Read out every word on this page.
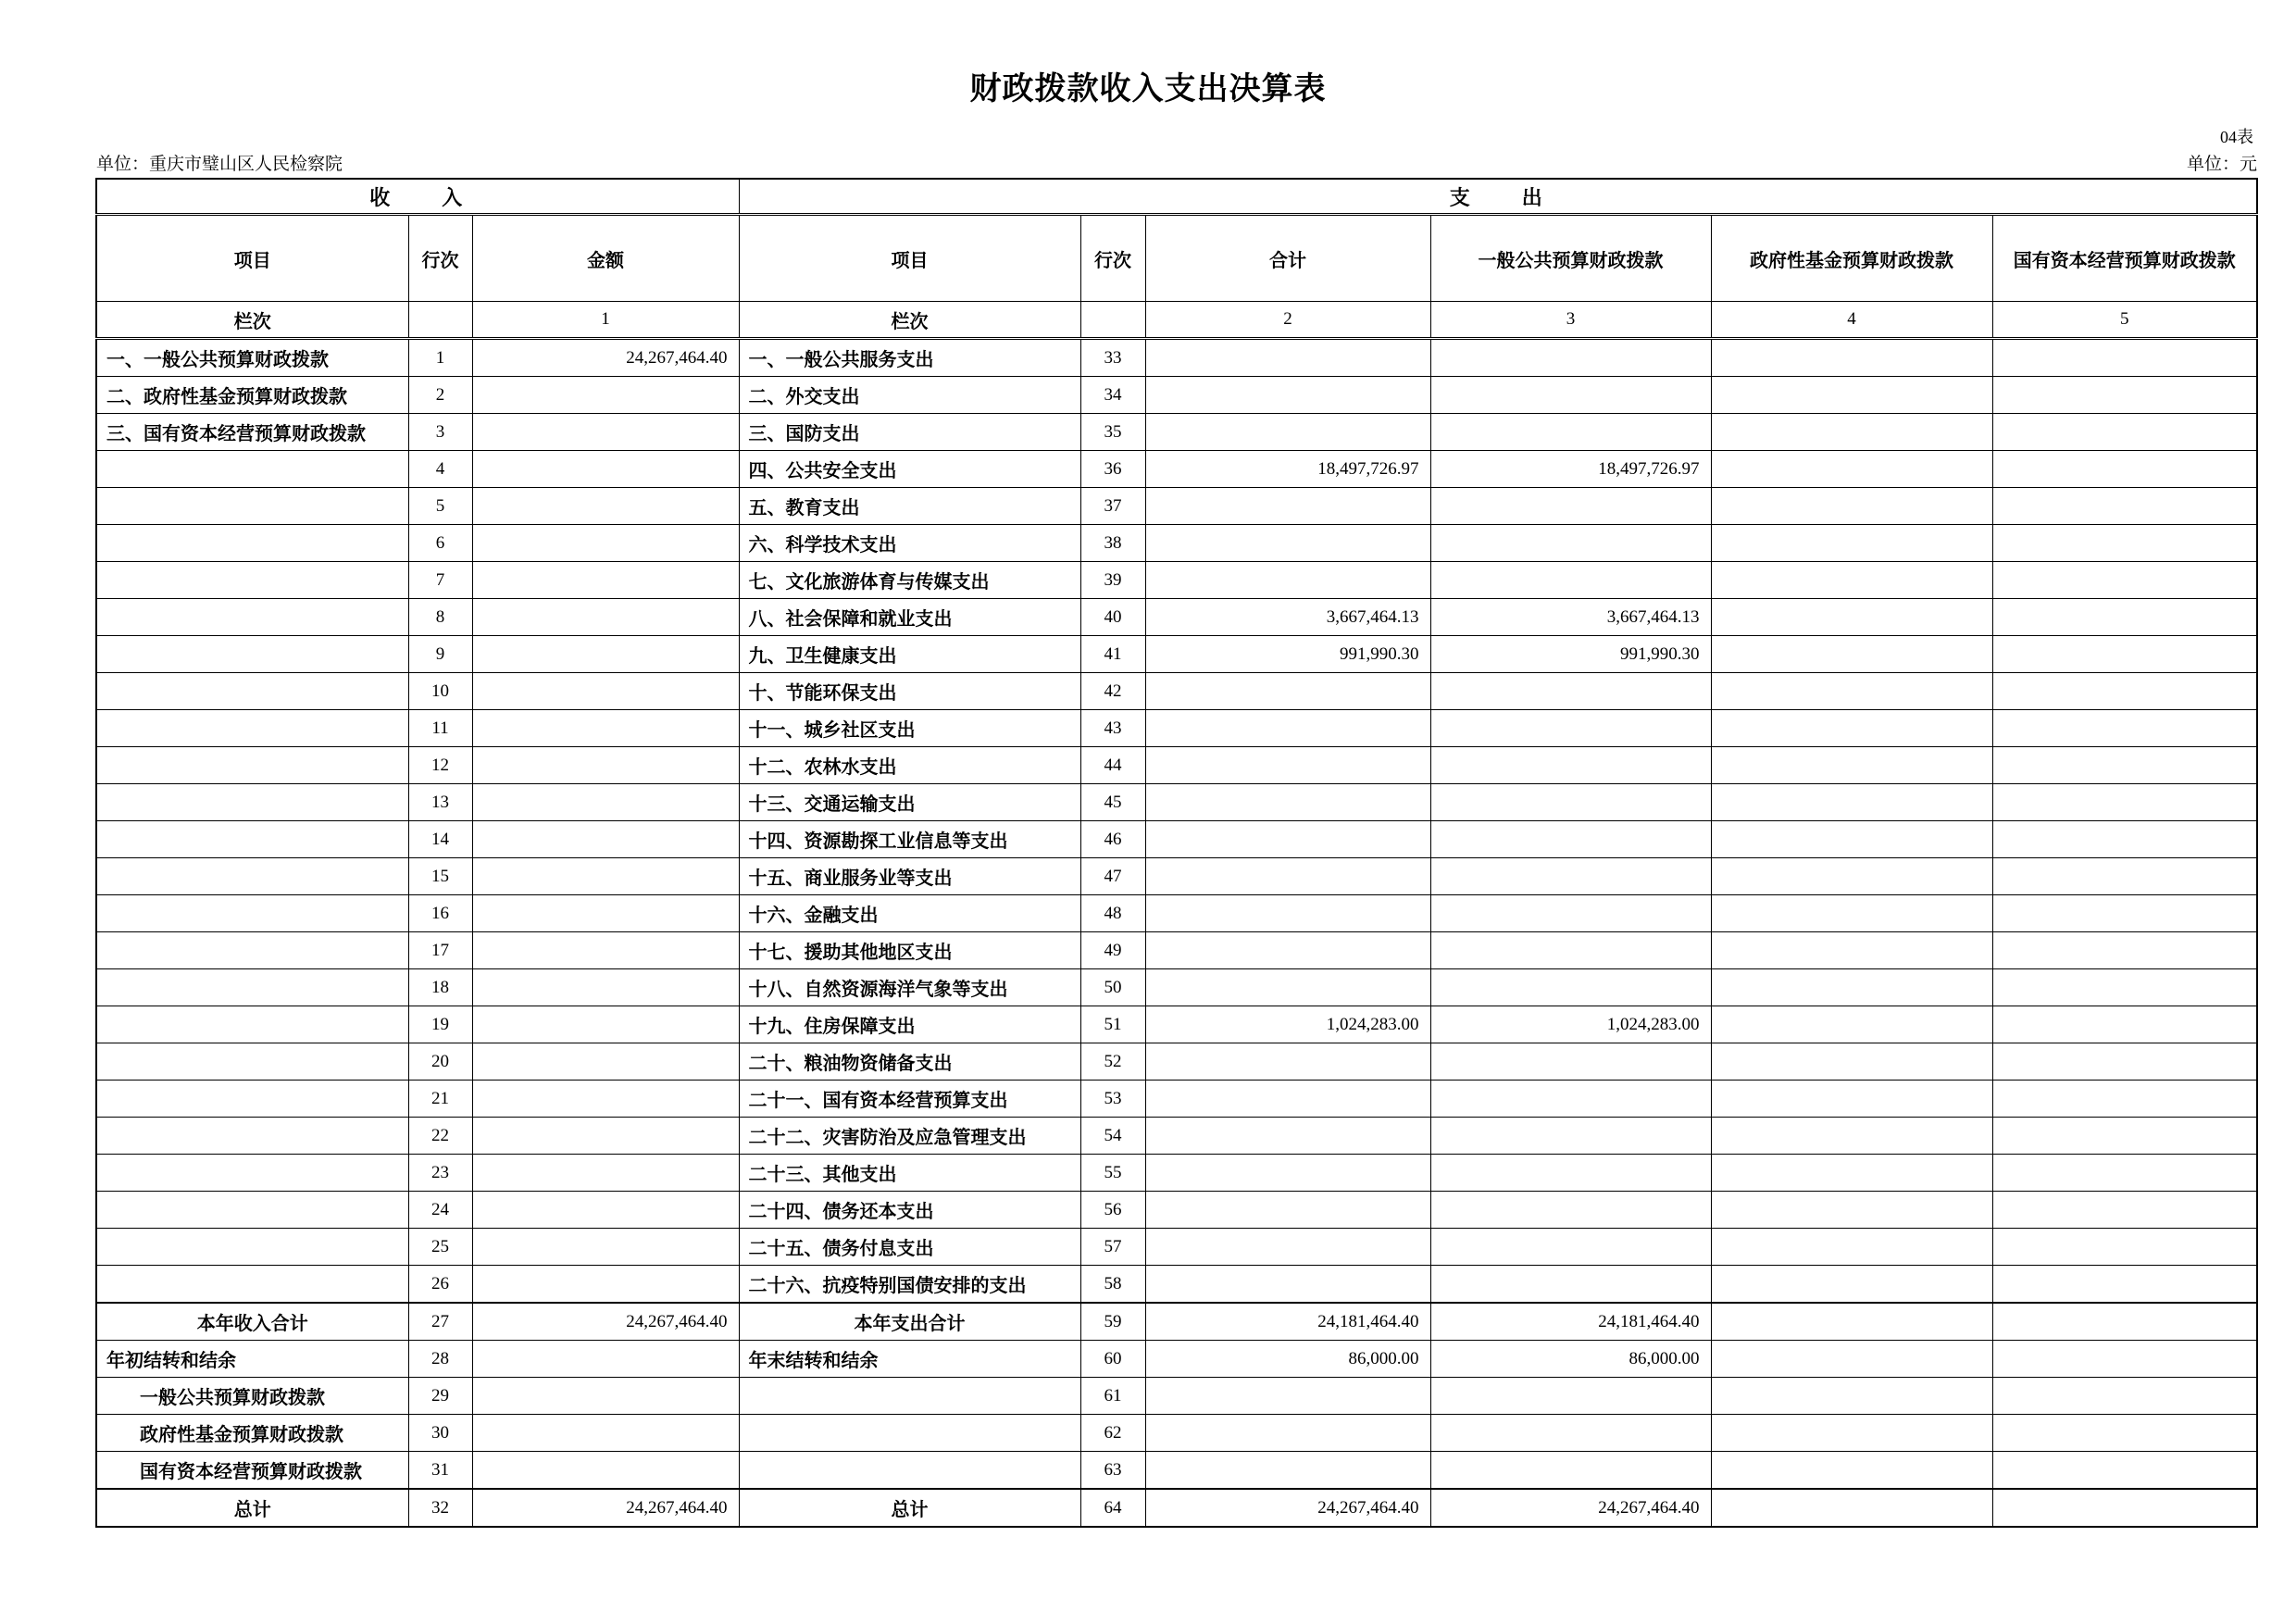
财政拨款收入支出决算表
04表
单位：重庆市璧山区人民检察院	单位：元
收　　入			支　　出					
项目	行次	金额	项目	行次	合计	一般公共预算财政拨款	政府性基金预算财政拨款	国有资本经营预算财政拨款
栏次		1	栏次		2	3	4	5
一、一般公共预算财政拨款	1	24,267,464.40	一、一般公共服务支出	33				
二、政府性基金预算财政拨款	2		二、外交支出	34				
三、国有资本经营预算财政拨款	3		三、国防支出	35				
	4		四、公共安全支出	36	18,497,726.97	18,497,726.97		
	5		五、教育支出	37				
	6		六、科学技术支出	38				
	7		七、文化旅游体育与传媒支出	39				
	8		八、社会保障和就业支出	40	3,667,464.13	3,667,464.13		
	9		九、卫生健康支出	41	991,990.30	991,990.30		
	10		十、节能环保支出	42				
	11		十一、城乡社区支出	43				
	12		十二、农林水支出	44				
	13		十三、交通运输支出	45				
	14		十四、资源勘探工业信息等支出	46				
	15		十五、商业服务业等支出	47				
	16		十六、金融支出	48				
	17		十七、援助其他地区支出	49				
	18		十八、自然资源海洋气象等支出	50				
	19		十九、住房保障支出	51	1,024,283.00	1,024,283.00		
	20		二十、粮油物资储备支出	52				
	21		二十一、国有资本经营预算支出	53				
	22		二十二、灾害防治及应急管理支出	54				
	23		二十三、其他支出	55				
	24		二十四、债务还本支出	56				
	25		二十五、债务付息支出	57				
	26		二十六、抗疫特别国债安排的支出	58				
本年收入合计	27	24,267,464.40	本年支出合计	59	24,181,464.40	24,181,464.40		
年初结转和结余	28		年末结转和结余	60	86,000.00	86,000.00		
一般公共预算财政拨款	29			61				
政府性基金预算财政拨款	30			62				
国有资本经营预算财政拨款	31			63				
总计	32	24,267,464.40	总计	64	24,267,464.40	24,267,464.40		
